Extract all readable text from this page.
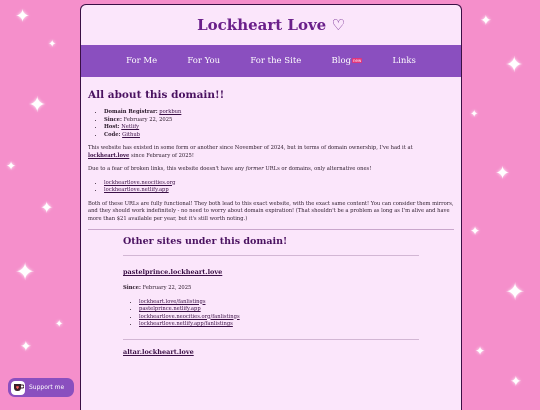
✦
✦
✦
✦
✦
✦
✦
✦
✦
✦
✦
✦
✦
✦
✦
✦
Lockheart Love ♡
For Me	For You	For the Site	Blog new	Links
All about this domain!!
• Domain Registrar: porkbun
• Since: February 22, 2025
• Host: Netlify
• Code: Github

This website has existed in some form or another since November of 2024, but in terms of domain ownership, I've had it at lockheart.love since February of 2025!

Due to a fear of broken links, this website doesn't have any former URLs or domains, only alternative ones!

• lockheartlove.neocities.org
• lockheartlove.netlify.app

Both of these URLs are fully functional! They both lead to this exact website, with the exact same content! You can consider them mirrors, and they should work indefinitely - no need to worry about domain expiration! (That shouldn't be a problem as long as I'm alive and have more than $21 available per year, but it's still worth noting.)

Other sites under this domain!
pastelprince.lockheart.love

Since: February 22, 2025

• lockheart.love/fanlistings
• pastelprince.netlify.app
• lockheartlove.neocities.org/fanlistings
• lockheartlove.netlify.app/fanlistings
altar.lockheart.love
Support me
